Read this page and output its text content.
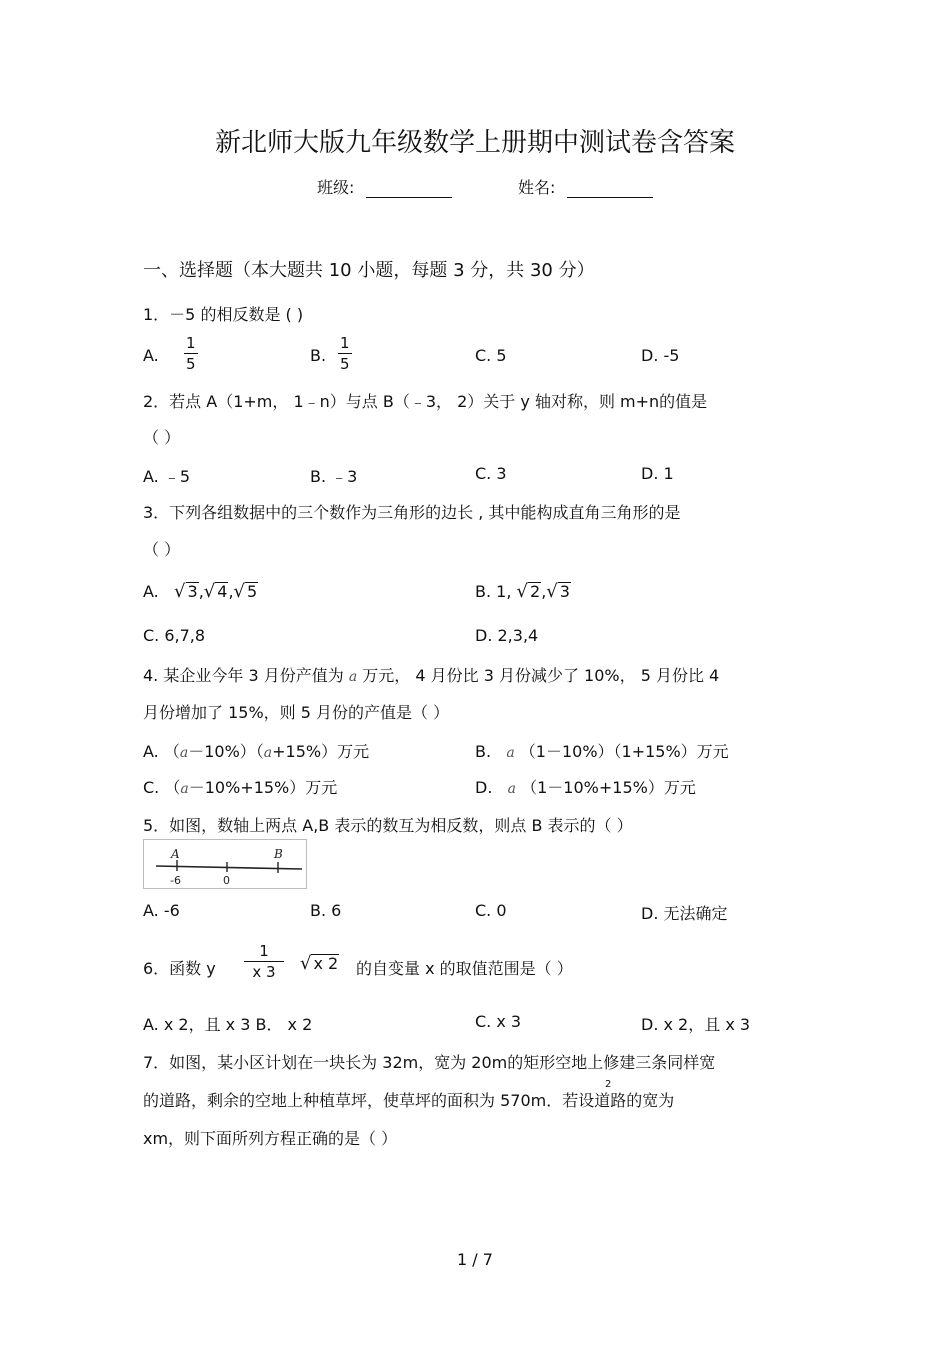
新北师大版九年级数学上册期中测试卷含答案
班级:	姓名:
一、选择题（本大题共 10 小题，每题 3 分，共 30 分）
1．－5 的相反数是 ( )
A. $\frac{1}{5}$	B. $\frac{1}{5}$	C. 5	D. -5
2．若点 A（1+m， 1﹣n）与点 B（﹣3， 2）关于 y 轴对称，则 m+n的值是
（ ）
A. ﹣5	B. ﹣3	C. 3	D. 1
3．下列各组数据中的三个数作为三角形的边长 , 其中能构成直角三角形的是
（ ）
A. √ 3,√ 4,√ 5	B. 1, √ 2,√ 3
C. 6,7,8	D. 2,3,4
4. 某企业今年 3 月份产值为 a 万元， 4 月份比 3 月份减少了 10%， 5 月份比 4
月份增加了 15%，则 5 月份的产值是（ ）
A. （a－10%）（a+15%）万元	B. a （1－10%）（1+15%）万元
C. （a－10%+15%）万元	D. a （1－10%+15%）万元
5．如图，数轴上两点 A,B 表示的数互为相反数，则点 B 表示的（ ）
A	B
-6	0
A. -6	B. 6	C. 0	D. 无法确定
6．函数 y $\frac{1}{x 3}$ √ x 2 的自变量 x 的取值范围是（ ）
A. x 2，且 x 3 B． x 2	C. x 3	D. x 2，且 x 3
7．如图，某小区计划在一块长为 32m，宽为 20m的矩形空地上修建三条同样宽
的道路，剩余的空地上种植草坪，使草坪的面积为 570m．若设道路的宽为
2
xm，则下面所列方程正确的是（ ）
1 / 7
